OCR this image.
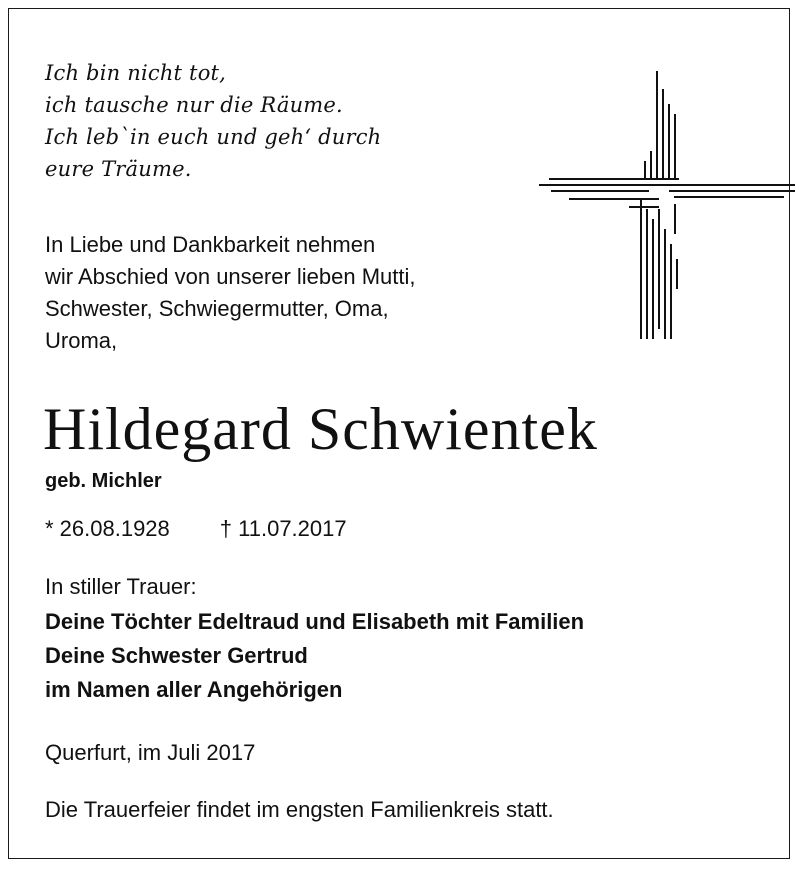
Ich bin nicht tot,
ich tausche nur die Räume.
Ich leb`in euch und geh‘ durch
eure Träume.
In Liebe und Dankbarkeit nehmen
wir Abschied von unserer lieben Mutti,
Schwester, Schwiegermutter, Oma,
Uroma,
Hildegard Schwientek
geb. Michler
* 26.08.1928 † 11.07.2017
In stiller Trauer:
Deine Töchter Edeltraud und Elisabeth mit Familien
Deine Schwester Gertrud
im Namen aller Angehörigen
Querfurt, im Juli 2017
Die Trauerfeier findet im engsten Familienkreis statt.
